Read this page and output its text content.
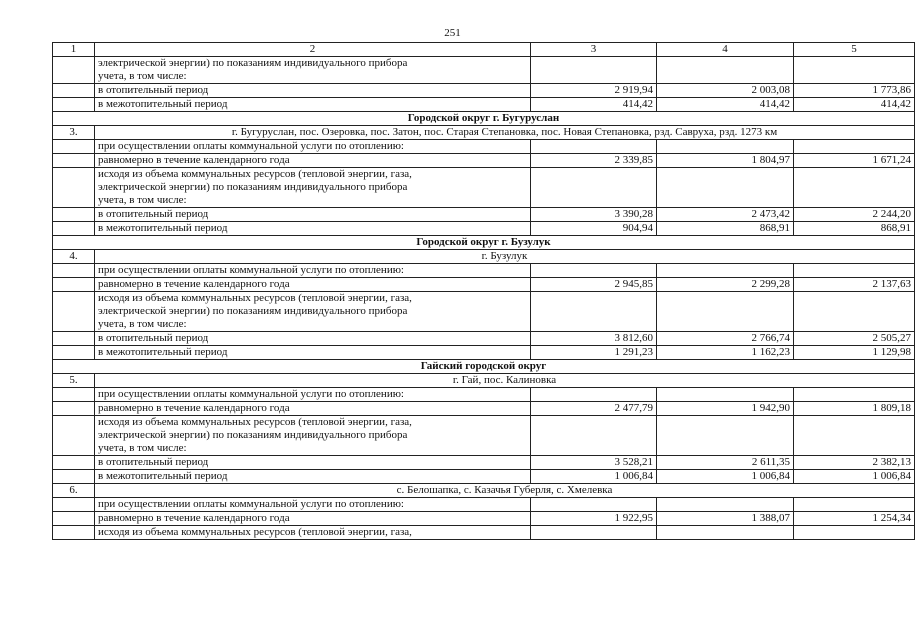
251
1	2	3	4	5
	электрической энергии) по показаниям индивидуального прибора
учета, в том числе:			
	в отопительный период	2 919,94	2 003,08	1 773,86
	в межотопительный период	414,42	414,42	414,42
Городской округ г. Бугуруслан				
3.	г. Бугуруслан, пос. Озеровка, пос. Затон, пос. Старая Степановка, пос. Новая Степановка, рзд. Савруха, рзд. 1273 км			
	при осуществлении оплаты коммунальной услуги по отоплению:			
	равномерно в течение календарного года	2 339,85	1 804,97	1 671,24
	исходя из объема коммунальных ресурсов (тепловой энергии, газа,
электрической энергии) по показаниям индивидуального прибора
учета, в том числе:			
	в отопительный период	3 390,28	2 473,42	2 244,20
	в межотопительный период	904,94	868,91	868,91
Городской округ г. Бузулук				
4.	г. Бузулук			
	при осуществлении оплаты коммунальной услуги по отоплению:			
	равномерно в течение календарного года	2 945,85	2 299,28	2 137,63
	исходя из объема коммунальных ресурсов (тепловой энергии, газа,
электрической энергии) по показаниям индивидуального прибора
учета, в том числе:			
	в отопительный период	3 812,60	2 766,74	2 505,27
	в межотопительный период	1 291,23	1 162,23	1 129,98
Гайский городской округ				
5.	г. Гай, пос. Калиновка			
	при осуществлении оплаты коммунальной услуги по отоплению:			
	равномерно в течение календарного года	2 477,79	1 942,90	1 809,18
	исходя из объема коммунальных ресурсов (тепловой энергии, газа,
электрической энергии) по показаниям индивидуального прибора
учета, в том числе:			
	в отопительный период	3 528,21	2 611,35	2 382,13
	в межотопительный период	1 006,84	1 006,84	1 006,84
6.	с. Белошапка, с. Казачья Губерля, с. Хмелевка			
	при осуществлении оплаты коммунальной услуги по отоплению:			
	равномерно в течение календарного года	1 922,95	1 388,07	1 254,34
	исходя из объема коммунальных ресурсов (тепловой энергии, газа,			
